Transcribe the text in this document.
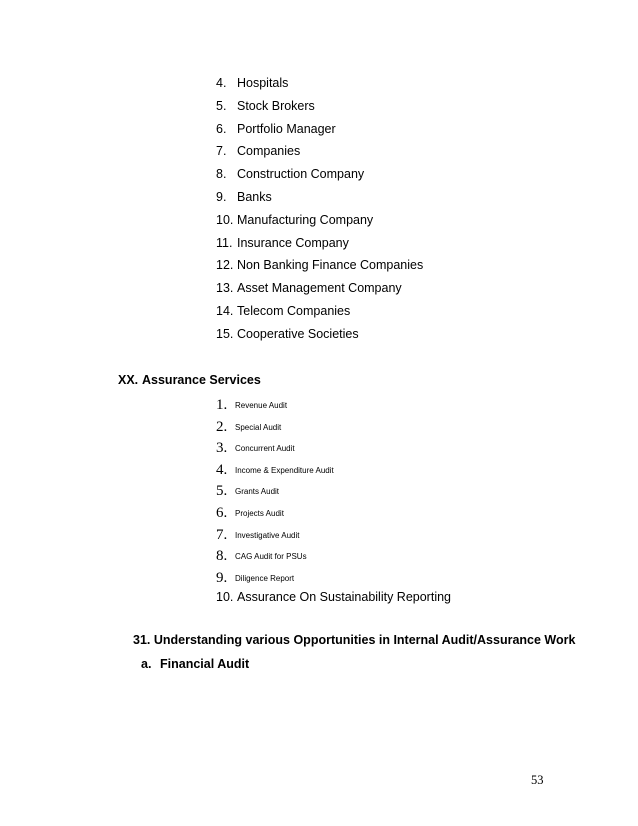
4. Hospitals
5. Stock Brokers
6. Portfolio Manager
7. Companies
8. Construction Company
9. Banks
10. Manufacturing Company
11. Insurance Company
12. Non Banking Finance Companies
13. Asset Management Company
14. Telecom Companies
15. Cooperative Societies
XX. Assurance Services
1. Revenue Audit
2. Special Audit
3. Concurrent Audit
4. Income & Expenditure Audit
5. Grants Audit
6. Projects Audit
7. Investigative Audit
8. CAG Audit for PSUs
9. Diligence Report
10. Assurance On Sustainability Reporting
31. Understanding various Opportunities in Internal Audit/Assurance Work
a. Financial Audit
53
